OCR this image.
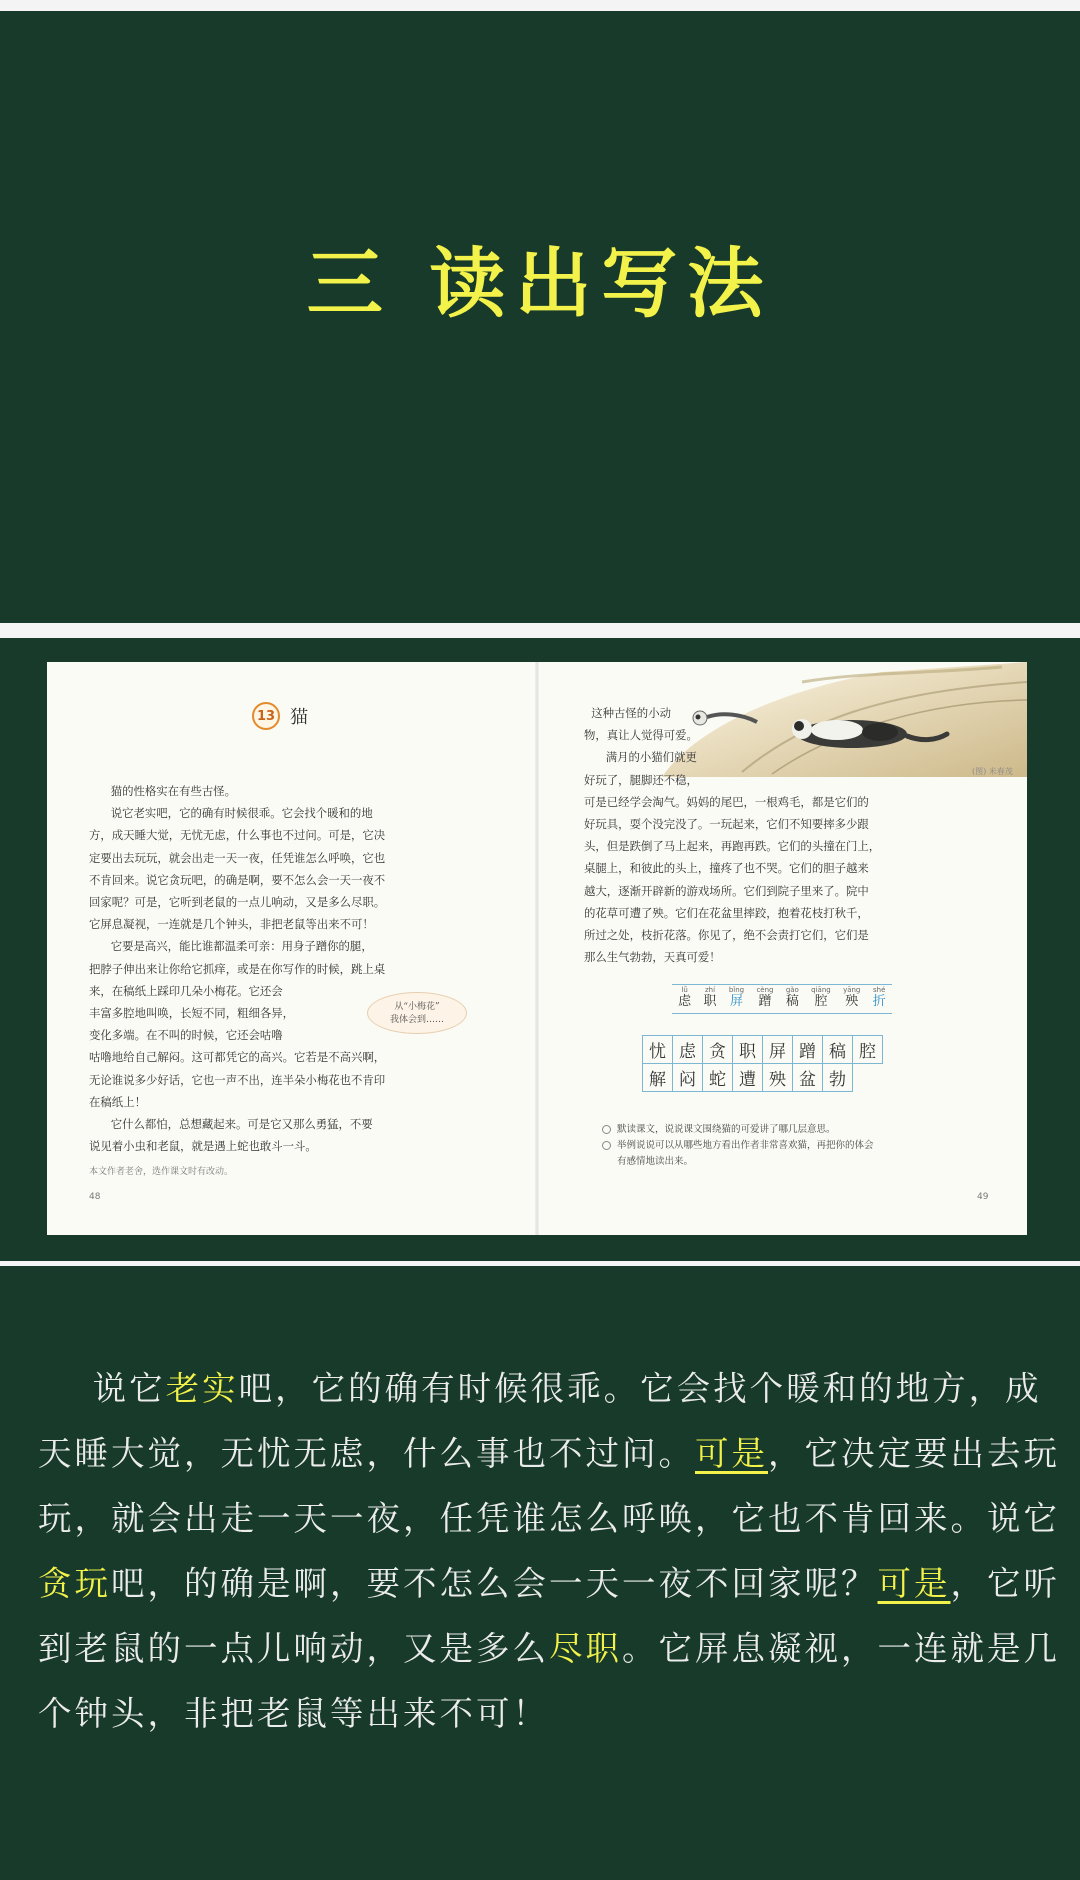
三 读出写法
13 猫
猫的性格实在有些古怪。
说它老实吧，它的确有时候很乖。它会找个暖和的地
方，成天睡大觉，无忧无虑，什么事也不过问。可是，它决
定要出去玩玩，就会出走一天一夜，任凭谁怎么呼唤，它也
不肯回来。说它贪玩吧，的确是啊，要不怎么会一天一夜不
回家呢？可是，它听到老鼠的一点儿响动，又是多么尽职。
它屏息凝视，一连就是几个钟头，非把老鼠等出来不可！
它要是高兴，能比谁都温柔可亲：用身子蹭你的腿，
把脖子伸出来让你给它抓痒，或是在你写作的时候，跳上桌
来，在稿纸上踩印几朵小梅花。它还会
丰富多腔地叫唤，长短不同，粗细各异，
变化多端。在不叫的时候，它还会咕噜
咕噜地给自己解闷。这可都凭它的高兴。它若是不高兴啊，
无论谁说多少好话，它也一声不出，连半朵小梅花也不肯印
在稿纸上！
它什么都怕，总想藏起来。可是它又那么勇猛，不要
说见着小虫和老鼠，就是遇上蛇也敢斗一斗。
从“小梅花”
我体会到……
本文作者老舍，选作课文时有改动。
48
(图) 米春茂
这种古怪的小动
物，真让人觉得可爱。
满月的小猫们就更
好玩了，腿脚还不稳，
可是已经学会淘气。妈妈的尾巴，一根鸡毛，都是它们的
好玩具，耍个没完没了。一玩起来，它们不知要摔多少跟
头，但是跌倒了马上起来，再跑再跌。它们的头撞在门上，
桌腿上，和彼此的头上，撞疼了也不哭。它们的胆子越来
越大，逐渐开辟新的游戏场所。它们到院子里来了。院中
的花草可遭了殃。它们在花盆里摔跤，抱着花枝打秋千，
所过之处，枝折花落。你见了，绝不会责打它们，它们是
那么生气勃勃，天真可爱！
lǜ
虑
zhí
职
bǐng
屏
cèng
蹭
gǎo
稿
qiāng
腔
yāng
殃
shé
折
忧 虑 贪 职 屏 蹭 稿 腔
解 闷 蛇 遭 殃 盆 勃
默读课文，说说课文围绕猫的可爱讲了哪几层意思。
举例说说可以从哪些地方看出作者非常喜欢猫，再把你的体会
有感情地读出来。
49
说它老实吧，它的确有时候很乖。它会找个暖和的地方，成
天睡大觉，无忧无虑，什么事也不过问。可是，它决定要出去玩
玩，就会出走一天一夜，任凭谁怎么呼唤，它也不肯回来。说它
贪玩吧，的确是啊，要不怎么会一天一夜不回家呢？可是，它听
到老鼠的一点儿响动，又是多么尽职。它屏息凝视，一连就是几
个钟头，非把老鼠等出来不可！
